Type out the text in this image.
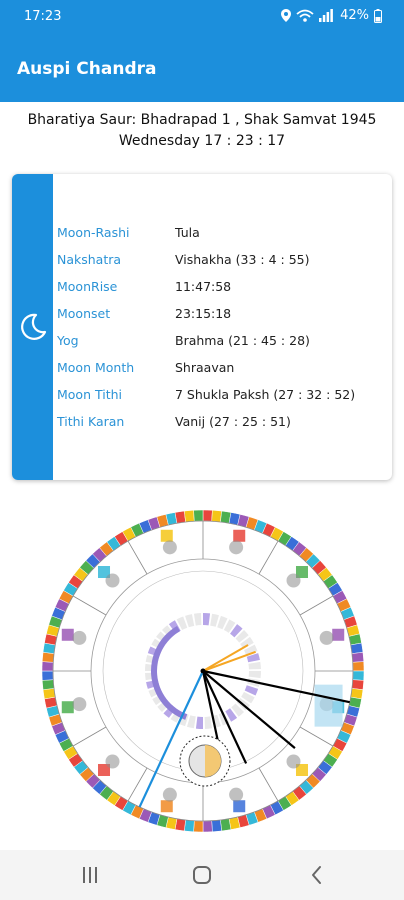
17:23	42%
Auspi Chandra
Bharatiya Saur: Bhadrapad 1 , Shak Samvat 1945
Wednesday 17 : 23 : 17
Moon-Rashi	Tula
Nakshatra	Vishakha (33 : 4 : 55)
MoonRise	11:47:58
Moonset	23:15:18
Yog	Brahma (21 : 45 : 28)
Moon Month	Shraavan
Moon Tithi	7 Shukla Paksh (27 : 32 : 52)
Tithi Karan	Vanij (27 : 25 : 51)
